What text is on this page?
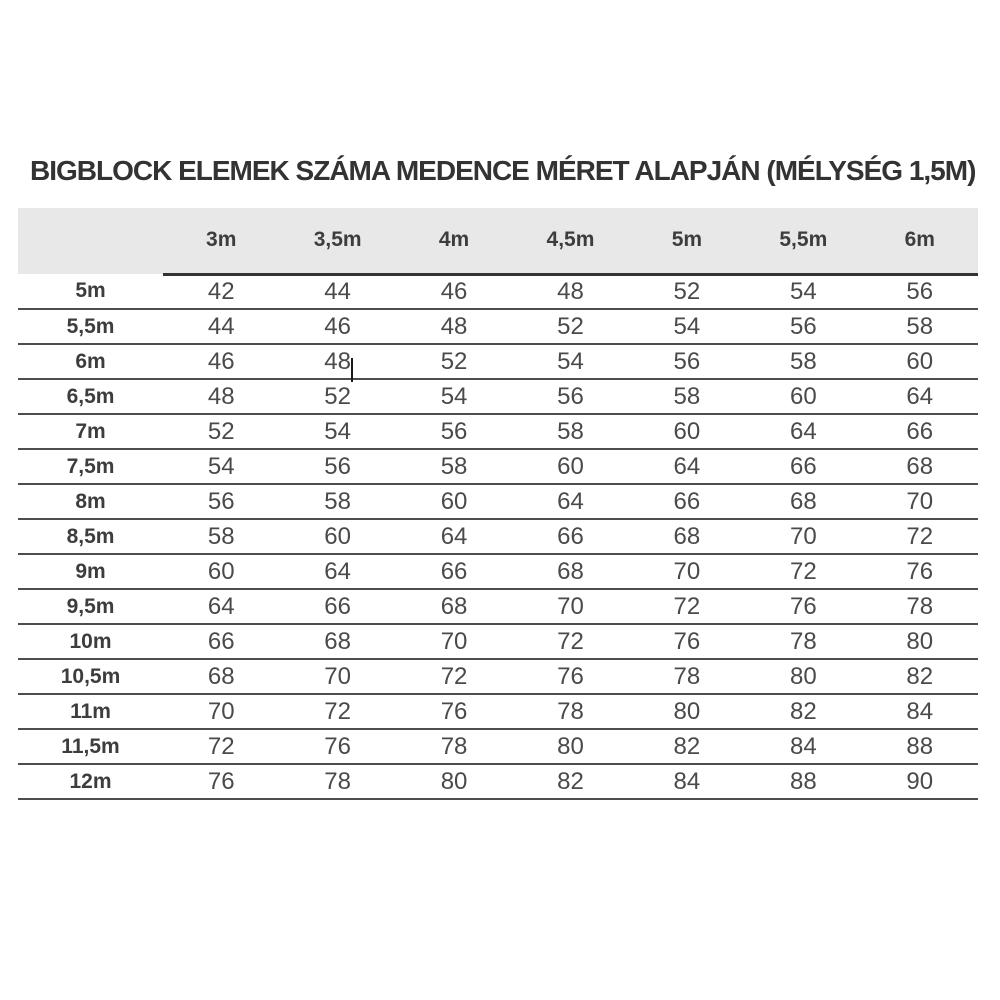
BIGBLOCK ELEMEK SZÁMA MEDENCE MÉRET ALAPJÁN (MÉLYSÉG 1,5M)
	3m	3,5m	4m	4,5m	5m	5,5m	6m
5m	42	44	46	48	52	54	56
5,5m	44	46	48	52	54	56	58
6m	46	48	52	54	56	58	60
6,5m	48	52	54	56	58	60	64
7m	52	54	56	58	60	64	66
7,5m	54	56	58	60	64	66	68
8m	56	58	60	64	66	68	70
8,5m	58	60	64	66	68	70	72
9m	60	64	66	68	70	72	76
9,5m	64	66	68	70	72	76	78
10m	66	68	70	72	76	78	80
10,5m	68	70	72	76	78	80	82
11m	70	72	76	78	80	82	84
11,5m	72	76	78	80	82	84	88
12m	76	78	80	82	84	88	90
